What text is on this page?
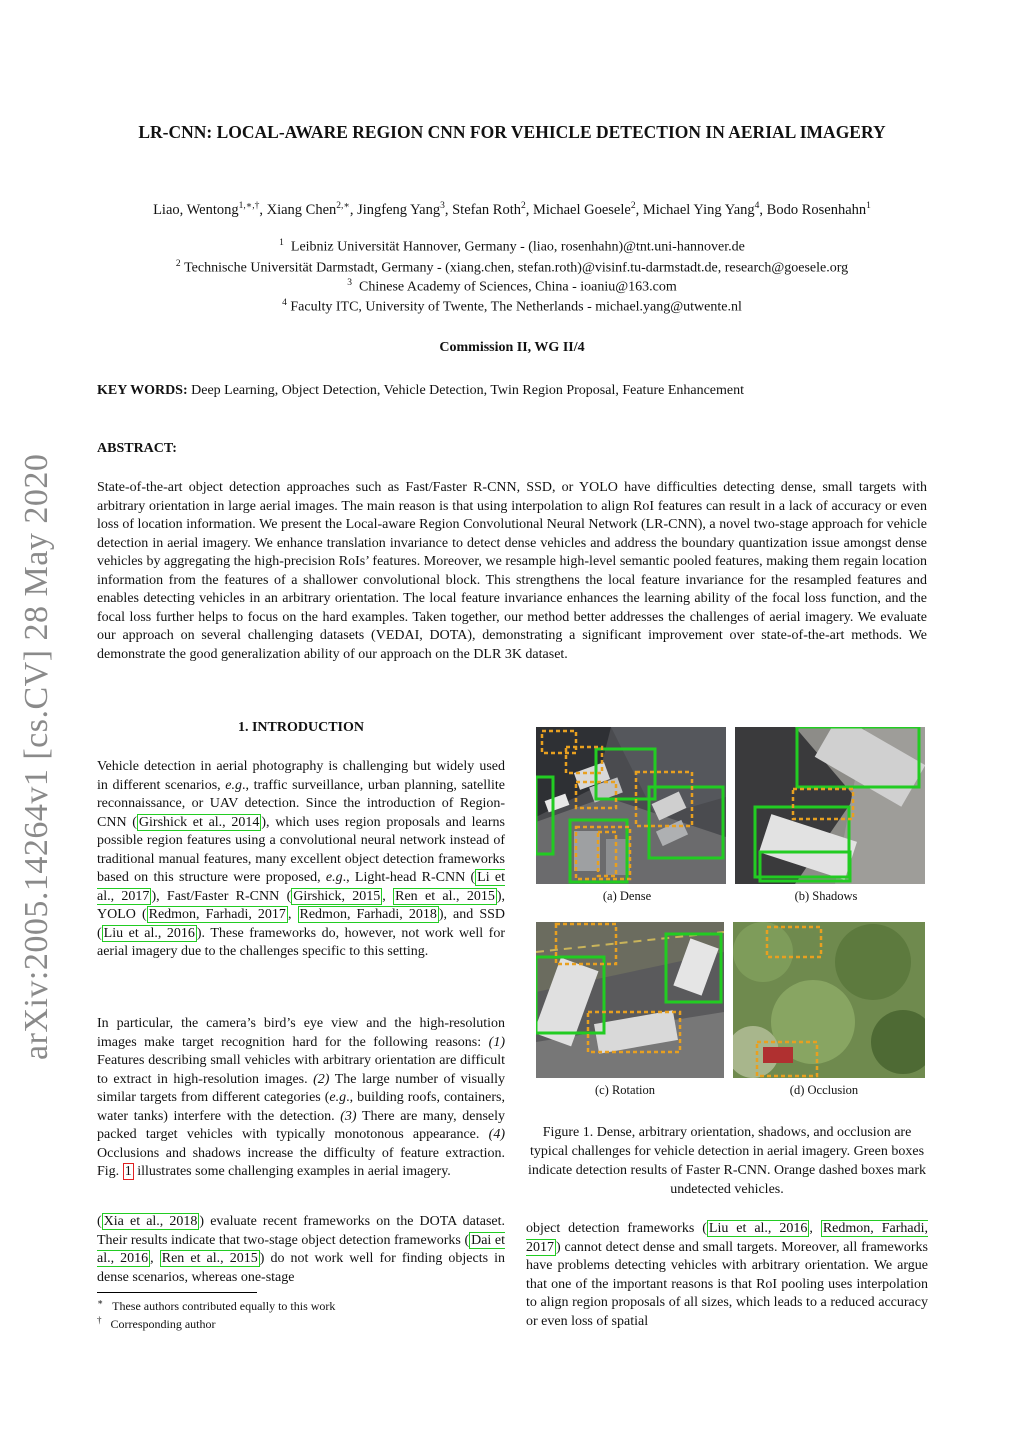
arXiv:2005.14264v1 [cs.CV] 28 May 2020
LR-CNN: LOCAL-AWARE REGION CNN FOR VEHICLE DETECTION IN AERIAL IMAGERY
Liao, Wentong$^{1,∗,\dagger}$, Xiang Chen$^{2,∗}$, Jingfeng Yang$^3$, Stefan Roth$^2$, Michael Goesele$^2$, Michael Ying Yang$^4$, Bodo Rosenhahn$^1$
$^1$ Leibniz Universität Hannover, Germany - (liao, rosenhahn)@tnt.uni-hannover.de
$^2$ Technische Universität Darmstadt, Germany - (xiang.chen, stefan.roth)@visinf.tu-darmstadt.de, research@goesele.org
$^3$ Chinese Academy of Sciences, China - ioaniu@163.com
$^4$ Faculty ITC, University of Twente, The Netherlands - michael.yang@utwente.nl
Commission II, WG II/4
KEY WORDS: Deep Learning, Object Detection, Vehicle Detection, Twin Region Proposal, Feature Enhancement
ABSTRACT:
State-of-the-art object detection approaches such as Fast/Faster R-CNN, SSD, or YOLO have difficulties detecting dense, small targets with arbitrary orientation in large aerial images. The main reason is that using interpolation to align RoI features can result in a lack of accuracy or even loss of location information. We present the Local-aware Region Convolutional Neural Network (LR-CNN), a novel two-stage approach for vehicle detection in aerial imagery. We enhance translation invariance to detect dense vehicles and address the boundary quantization issue amongst dense vehicles by aggregating the high-precision RoIs’ features. Moreover, we resample high-level semantic pooled features, making them regain location information from the features of a shallower convolutional block. This strengthens the local feature invariance for the resampled features and enables detecting vehicles in an arbitrary orientation. The local feature invariance enhances the learning ability of the focal loss function, and the focal loss further helps to focus on the hard examples. Taken together, our method better addresses the challenges of aerial imagery. We evaluate our approach on several challenging datasets (VEDAI, DOTA), demonstrating a significant improvement over state-of-the-art methods. We demonstrate the good generalization ability of our approach on the DLR 3K dataset.
1. INTRODUCTION
Vehicle detection in aerial photography is challenging but widely used in different scenarios, e.g., traffic surveillance, urban planning, satellite reconnaissance, or UAV detection. Since the introduction of Region-CNN ( Girshick et al., 2014 ), which uses region proposals and learns possible region features using a convolutional neural network instead of traditional manual features, many excellent object detection frameworks based on this structure were proposed, e.g., Light-head R-CNN ( Li et al., 2017 ), Fast/Faster R-CNN ( Girshick, 2015 , Ren et al., 2015 ), YOLO ( Redmon, Farhadi, 2017 , Redmon, Farhadi, 2018 ), and SSD ( Liu et al., 2016 ). These frameworks do, however, not work well for aerial imagery due to the challenges specific to this setting.
In particular, the camera’s bird’s eye view and the high-resolution images make target recognition hard for the following reasons: (1) Features describing small vehicles with arbitrary orientation are difficult to extract in high-resolution images. (2) The large number of visually similar targets from different categories (e.g., building roofs, containers, water tanks) interfere with the detection. (3) There are many, densely packed target vehicles with typically monotonous appearance. (4) Occlusions and shadows increase the difficulty of feature extraction. Fig. 1 illustrates some challenging examples in aerial imagery.
( Xia et al., 2018 ) evaluate recent frameworks on the DOTA dataset. Their results indicate that two-stage object detection frameworks ( Dai et al., 2016 , Ren et al., 2015 ) do not work well for finding objects in dense scenarios, whereas one-stage
∗ These authors contributed equally to this work
† Corresponding author
(a) Dense	(b) Shadows
(c) Rotation	(d) Occlusion
Figure 1. Dense, arbitrary orientation, shadows, and occlusion are typical challenges for vehicle detection in aerial imagery. Green boxes indicate detection results of Faster R-CNN. Orange dashed boxes mark undetected vehicles.
object detection frameworks ( Liu et al., 2016 , Redmon, Farhadi, 2017 ) cannot detect dense and small targets. Moreover, all frameworks have problems detecting vehicles with arbitrary orientation. We argue that one of the important reasons is that RoI pooling uses interpolation to align region proposals of all sizes, which leads to a reduced accuracy or even loss of spatial
